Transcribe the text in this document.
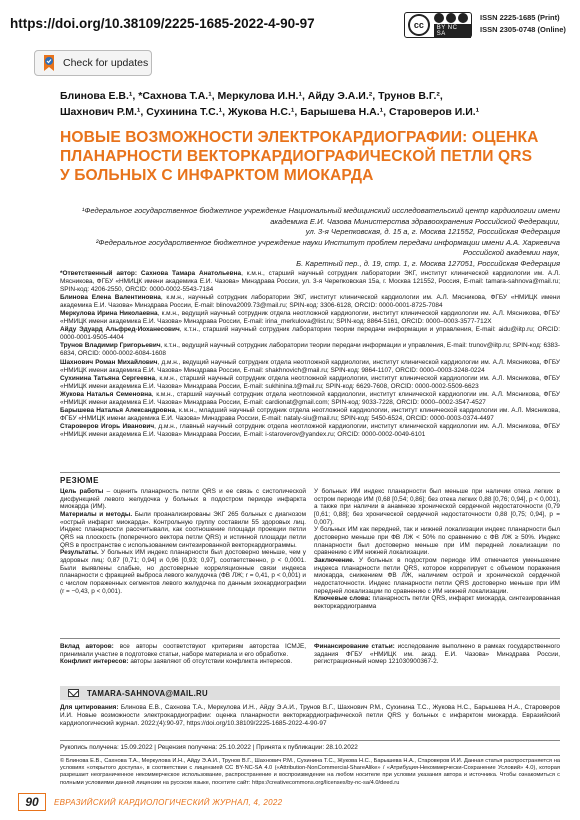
https://doi.org/10.38109/2225-1685-2022-4-90-97	cc	BY NC SA
ISSN 2225-1685 (Print)
ISSN 2305-0748 (Online)
Check for updates
Блинова Е.В.¹, *Сахнова Т.А.¹, Меркулова И.Н.¹, Айду Э.А.И.², Трунов В.Г.²,
Шахнович Р.М.¹, Сухинина Т.С.¹, Жукова Н.С.¹, Барышева Н.А.¹, Староверов И.И.¹
НОВЫЕ ВОЗМОЖНОСТИ ЭЛЕКТРОКАРДИОГРАФИИ: ОЦЕНКА ПЛАНАРНОСТИ ВЕКТОРКАРДИОГРАФИЧЕСКОЙ ПЕТЛИ QRS У БОЛЬНЫХ С ИНФАРКТОМ МИОКАРДА
¹Федеральное государственное бюджетное учреждение Национальный медицинский исследовательский центр кардиологии имени академика Е.И. Чазова Министерства здравоохранения Российской Федерации,
ул. 3-я Черепковская, д. 15 а, г. Москва 121552, Российская Федерация
²Федеральное государственное бюджетное учреждение науки Институт проблем передачи информации имени А.А. Харкевича Российской академии наук,
Б. Каретный пер., д. 19, стр. 1, г. Москва 127051, Российская Федерация

*Ответственный автор: Сахнова Тамара Анатольевна, к.м.н., старший научный сотрудник лаборатории ЭКГ, институт клинической кардиологии им. А.Л. Мясникова, ФГБУ «НМИЦК имени академика Е.И. Чазова» Минздрава России, ул. 3-я Черепковская 15а, г. Москва 121552, Россия, E-mail: tamara-sahnova@mail.ru; SPIN-код: 4206-2550, ORCID: 0000-0002-5543-7184

Блинова Елена Валентиновна, к.м.н., научный сотрудник лаборатории ЭКГ, институт клинической кардиологии им. А.Л. Мясникова, ФГБУ «НМИЦК имени академика Е.И. Чазова» Минздрава России, E-mail: blinova2009.73@mail.ru; SPIN-код: 3306-6128, ORCID: 0000-0001-8725-7084

Меркулова Ирина Николаевна, к.м.н., ведущий научный сотрудник отдела неотложной кардиологии, институт клинической кардиологии им. А.Л. Мясникова, ФГБУ «НМИЦК имени академика Е.И. Чазова» Минздрава России, E-mail: irina_merkulova@list.ru; SPIN-код: 8864-5161, ORCID: 0000–0003-3577-712X

Айду Эдуард Альфред-Иоханесович, к.т.н., старший научный сотрудник лаборатории теории передачи информации и управления, E-mail: aidu@iitp.ru; ORCID: 0000-0001-9505-4404

Трунов Владимир Григорьевич, к.т.н., ведущий научный сотрудник лаборатории теории передачи информации и управления, E-mail: trunov@iitp.ru; SPIN-код: 6383-6834, ORCID: 0000-0002-6084-1608

Шахнович Роман Михайлович, д.м.н., ведущий научный сотрудник отдела неотложной кардиологии, институт клинической кардиологии им. А.Л. Мясникова, ФГБУ «НМИЦК имени академика Е.И. Чазова» Минздрава России, E-mail: shakhnovich@mail.ru; SPIN-код: 9864-1107, ORCID: 0000–0003-3248-0224

Сухинина Татьяна Сергеевна, к.м.н., старший научный сотрудник отдела неотложной кардиологии, институт клинической кардиологии им. А.Л. Мясникова, ФГБУ «НМИЦК имени академика Е.И. Чазова» Минздрава России, E-mail: sukhinina.t@mail.ru; SPIN-код: 6629-7608, ORCID: 0000-0002-5509-6623

Жукова Наталья Семеновна, к.м.н., старший научный сотрудник отдела неотложной кардиологии, институт клинической кардиологии им. А.Л. Мясникова, ФГБУ «НМИЦК имени академика Е.И. Чазова» Минздрава России, E-mail: cardionat@gmail.com; SPIN-код: 9033-7228, ORCID: 0000–0002-3547-4527

Барышева Наталья Александровна, к.м.н., младший научный сотрудник отдела неотложной кардиологии, институт клинической кардиологии им. А.Л. Мясникова, ФГБУ «НМИЦК имени академика Е.И. Чазова» Минздрава России, E-mail: nataly-siu@mail.ru; SPIN-код: 5450-6524, ORCID: 0000-0003-0374-4497

Староверов Игорь Иванович, д.м.н., главный научный сотрудник отдела неотложной кардиологии, институт клинической кардиологии им. А.Л. Мясникова, ФГБУ «НМИЦК имени академика Е.И. Чазова» Минздрава России, E-mail: i-staroverov@yandex.ru; ORCID: 0000-0002-0049-6101

РЕЗЮМЕ

Цель работы – оценить планарность петли QRS и ее связь с систолической дисфункцией левого желудочка у больных в подостром периоде инфаркта миокарда (ИМ).

Материалы и методы. Были проанализированы ЭКГ 265 больных с диагнозом «острый инфаркт миокарда». Контрольную группу составили 55 здоровых лиц. Индекс планарности рассчитывали, как соотношение площади проекции петли QRS на плоскость (поперечного вектора петли QRS) и истинной площади петли QRS в пространстве с использованием синтезированной векторкардиограммы.

Результаты. У больных ИМ индекс планарности был достоверно меньше, чем у здоровых лиц: 0,87 [0,71; 0,94] и 0,96 [0,93; 0,97], соответственно, p < 0,0001. Были выявлены слабые, но достоверные корреляционные связи индекса планарности с фракцией выброса левого желудочка (ФВ ЛЖ; r = 0,41, p < 0,001) и с числом пораженных сегментов левого желудочка по данным эхокардиографии (r = −0,43, p < 0,001).

У больных ИМ индекс планарности был меньше при наличии отека легких в остром периоде ИМ (0,68 [0,54; 0,86]; без отека легких 0,88 [0,76; 0,94], p < 0,001), а также при наличии в анамнезе хронической сердечной недостаточности (0,79 [0,61; 0,88]; без хронической сердечной недостаточности 0,88 [0,75; 0,94], p = 0,007).

У больных ИМ как передней, так и нижней локализации индекс планарности был достоверно меньше при ФВ ЛЖ < 50% по сравнению с ФВ ЛЖ ≥ 50%. Индекс планарности был достоверно меньше при ИМ передней локализации по сравнению с ИМ нижней локализации.

Заключение. У больных в подостром периоде ИМ отмечается уменьшение индекса планарности петли QRS, которое коррелирует с объемом поражения миокарда, снижением ФВ ЛЖ, наличием острой и хронической сердечной недостаточности. Индекс планарности петли QRS достоверно меньше при ИМ передней локализации по сравнению с ИМ нижней локализации.

Ключевые слова: планарность петли QRS, инфаркт миокарда, синтезированная векторкардиограмма

Вклад авторов: все авторы соответствуют критериям авторства ICMJE, принимали участие в подготовке статьи, наборе материала и его обработке.

Конфликт интересов: авторы заявляют об отсутствии конфликта интересов.

Финансирование статьи: исследование выполнено в рамках государственного задания ФГБУ «НМИЦК им. акад. Е.И. Чазова» Минздрава России, регистрационный номер 121030900367-2.

TAMARA-SAHNOVA@MAIL.RU
Для цитирования: Блинова Е.В., Сахнова Т.А., Меркулова И.Н., Айду Э.А.И., Трунов В.Г., Шахнович Р.М., Сухинина Т.С., Жукова Н.С., Барышева Н.А., Староверов И.И. Новые возможности электрокардиографии: оценка планарности векторкардиографической петли QRS у больных с инфарктом миокарда. Евразийский кардиологический журнал. 2022;(4):90-97, https://doi.org/10.38109/2225-1685-2022-4-90-97
Рукопись получена: 15.09.2022 | Рецензия получена: 25.10.2022 | Принята к публикации: 28.10.2022
© Блинова Е.В., Сахнова Т.А., Меркулова И.Н., Айду Э.А.И., Трунов В.Г., Шахнович Р.М., Сухинина Т.С., Жукова Н.С., Барышева Н.А., Староверов И.И. Данная статья распространяется на условиях «открытого доступа», в соответствии с лицензией CC BY-NC-SA 4.0 («Attribution-NonCommercial-ShareAlike» / «Атрибуция-Некоммерчески-Сохранение Условий» 4.0), которая разрешает неограниченное некоммерческое использование, распространение и воспроизведение на любом носителе при условии указания автора и источника. Чтобы ознакомиться с полными условиями данной лицензии на русском языке, посетите сайт: https://creativecommons.org/licenses/by-nc-sa/4.0/deed.ru
90	ЕВРАЗИЙСКИЙ КАРДИОЛОГИЧЕСКИЙ ЖУРНАЛ, 4, 2022
